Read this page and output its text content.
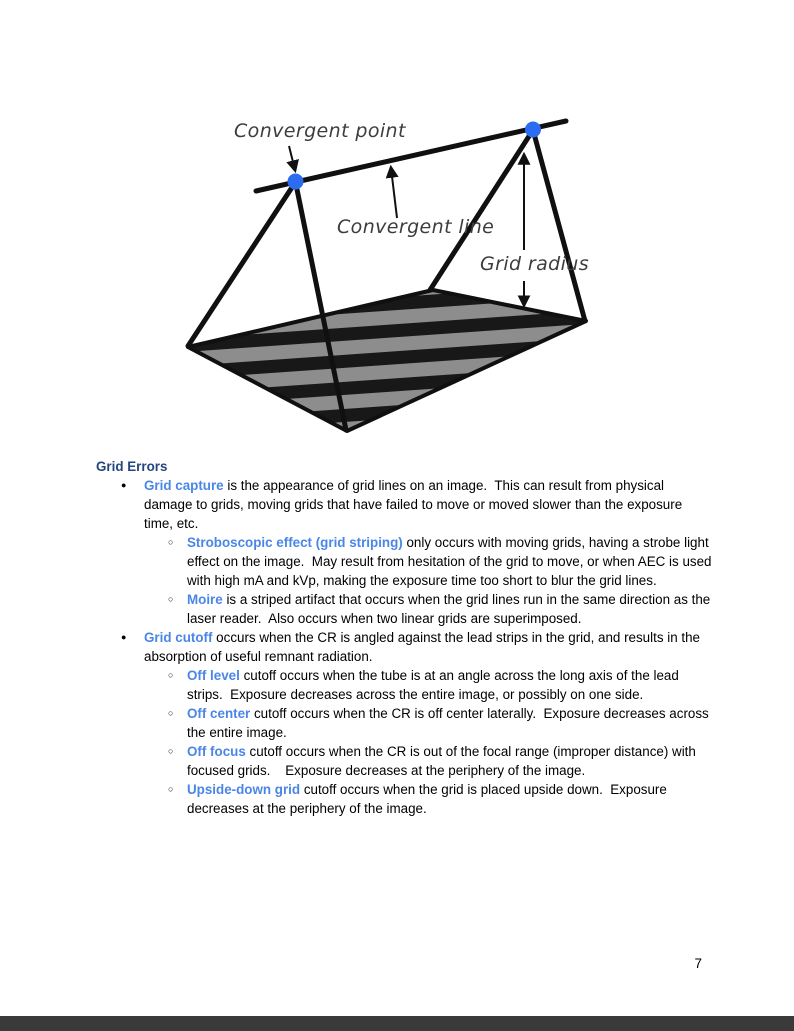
Convergent point
Convergent line
Grid radius
Grid Errors
● Grid capture is the appearance of grid lines on an image.  This can result from physical damage to grids, moving grids that have failed to move or moved slower than the exposure time, etc.
○ Stroboscopic effect (grid striping) only occurs with moving grids, having a strobe light effect on the image.  May result from hesitation of the grid to move, or when AEC is used with high mA and kVp, making the exposure time too short to blur the grid lines.
○ Moire is a striped artifact that occurs when the grid lines run in the same direction as the laser reader.  Also occurs when two linear grids are superimposed.
● Grid cutoff occurs when the CR is angled against the lead strips in the grid, and results in the absorption of useful remnant radiation.
○ Off level cutoff occurs when the tube is at an angle across the long axis of the lead strips.  Exposure decreases across the entire image, or possibly on one side.
○ Off center cutoff occurs when the CR is off center laterally.  Exposure decreases across the entire image.
○ Off focus cutoff occurs when the CR is out of the focal range (improper distance) with focused grids.    Exposure decreases at the periphery of the image.
○ Upside-down grid cutoff occurs when the grid is placed upside down.  Exposure decreases at the periphery of the image.
7
